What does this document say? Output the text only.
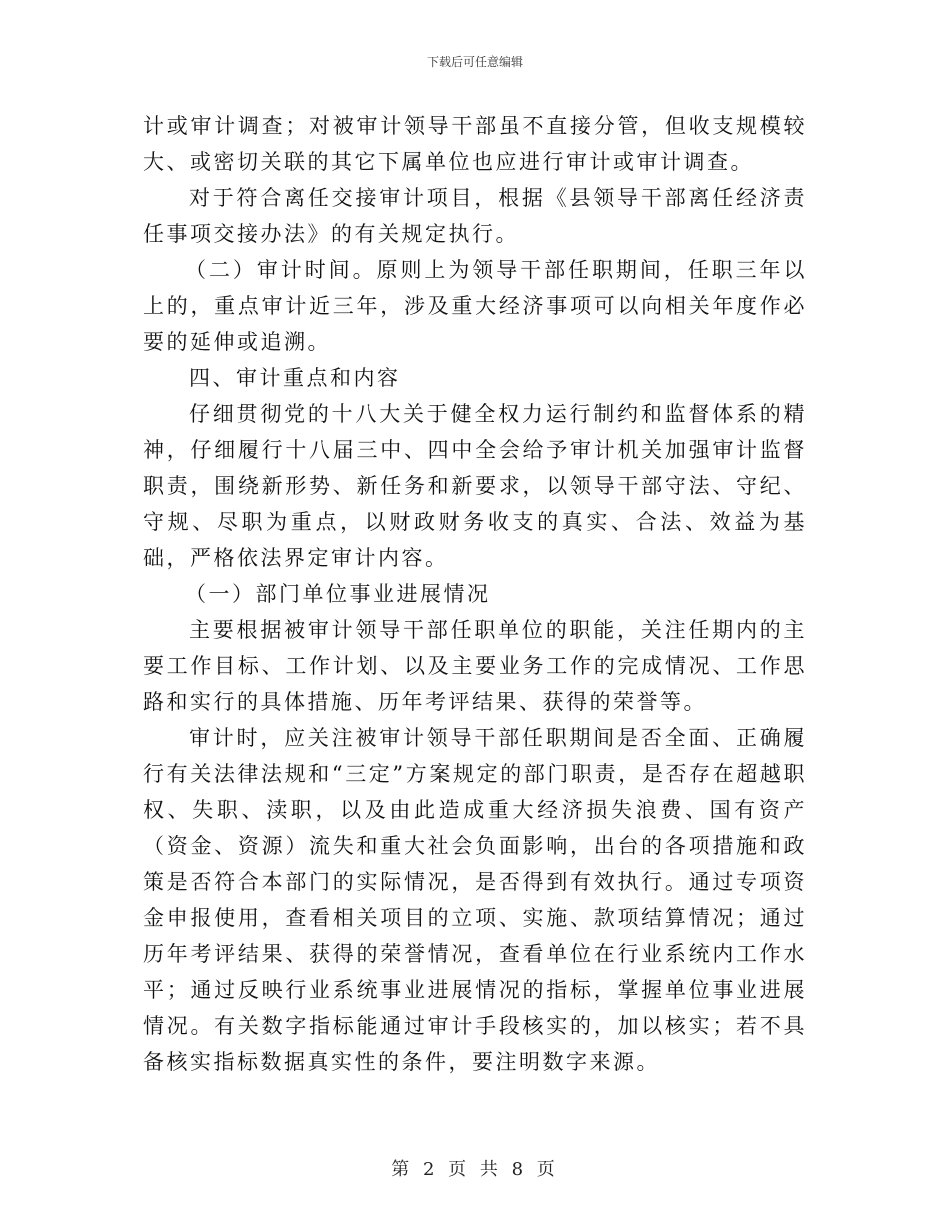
下载后可任意编辑

计或审计调查；对被审计领导干部虽不直接分管，但收支规模较大、或密切关联的其它下属单位也应进行审计或审计调查。

对于符合离任交接审计项目，根据《县领导干部离任经济责任事项交接办法》的有关规定执行。

（二）审计时间。原则上为领导干部任职期间，任职三年以上的，重点审计近三年，涉及重大经济事项可以向相关年度作必要的延伸或追溯。

四、审计重点和内容

仔细贯彻党的十八大关于健全权力运行制约和监督体系的精神，仔细履行十八届三中、四中全会给予审计机关加强审计监督职责，围绕新形势、新任务和新要求，以领导干部守法、守纪、守规、尽职为重点，以财政财务收支的真实、合法、效益为基础，严格依法界定审计内容。

（一）部门单位事业进展情况

主要根据被审计领导干部任职单位的职能，关注任期内的主要工作目标、工作计划、以及主要业务工作的完成情况、工作思路和实行的具体措施、历年考评结果、获得的荣誉等。

审计时，应关注被审计领导干部任职期间是否全面、正确履行有关法律法规和“三定”方案规定的部门职责，是否存在超越职权、失职、渎职，以及由此造成重大经济损失浪费、国有资产（资金、资源）流失和重大社会负面影响，出台的各项措施和政策是否符合本部门的实际情况，是否得到有效执行。通过专项资金申报使用，查看相关项目的立项、实施、款项结算情况；通过历年考评结果、获得的荣誉情况，查看单位在行业系统内工作水平；通过反映行业系统事业进展情况的指标，掌握单位事业进展情况。有关数字指标能通过审计手段核实的，加以核实；若不具备核实指标数据真实性的条件，要注明数字来源。

第 2 页 共 8 页
